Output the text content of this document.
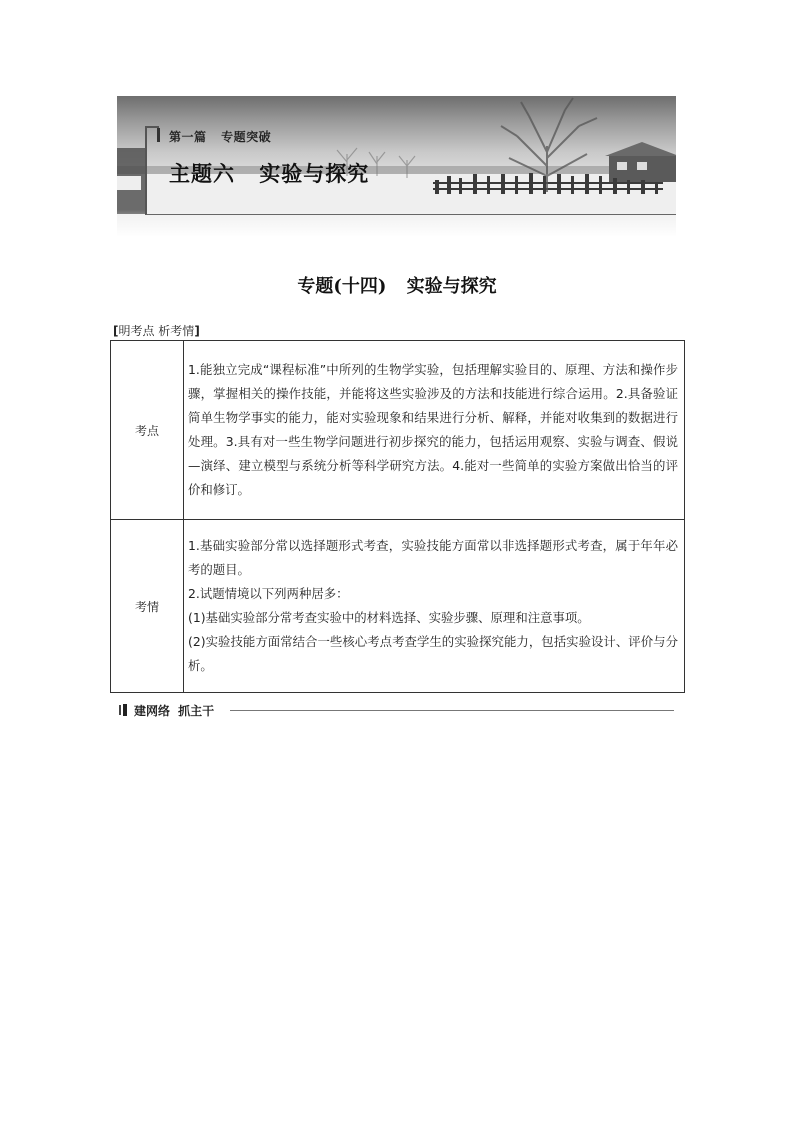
第一篇 专题突破
主题六 实验与探究
专题(十四) 实验与探究
[明考点 析考情]
考点	1.能独立完成“课程标准”中所列的生物学实验，包括理解实验目的、原理、方法和操作步骤，掌握相关的操作技能，并能将这些实验涉及的方法和技能进行综合运用。2.具备验证简单生物学事实的能力，能对实验现象和结果进行分析、解释，并能对收集到的数据进行处理。3.具有对一些生物学问题进行初步探究的能力，包括运用观察、实验与调查、假说—演绎、建立模型与系统分析等科学研究方法。4.能对一些简单的实验方案做出恰当的评价和修订。

考情	1.基础实验部分常以选择题形式考查，实验技能方面常以非选择题形式考查，属于年年必考的题目。

2.试题情境以下列两种居多：

(1)基础实验部分常考查实验中的材料选择、实验步骤、原理和注意事项。

(2)实验技能方面常结合一些核心考点考查学生的实验探究能力，包括实验设计、评价与分析。

建网络 抓主干
